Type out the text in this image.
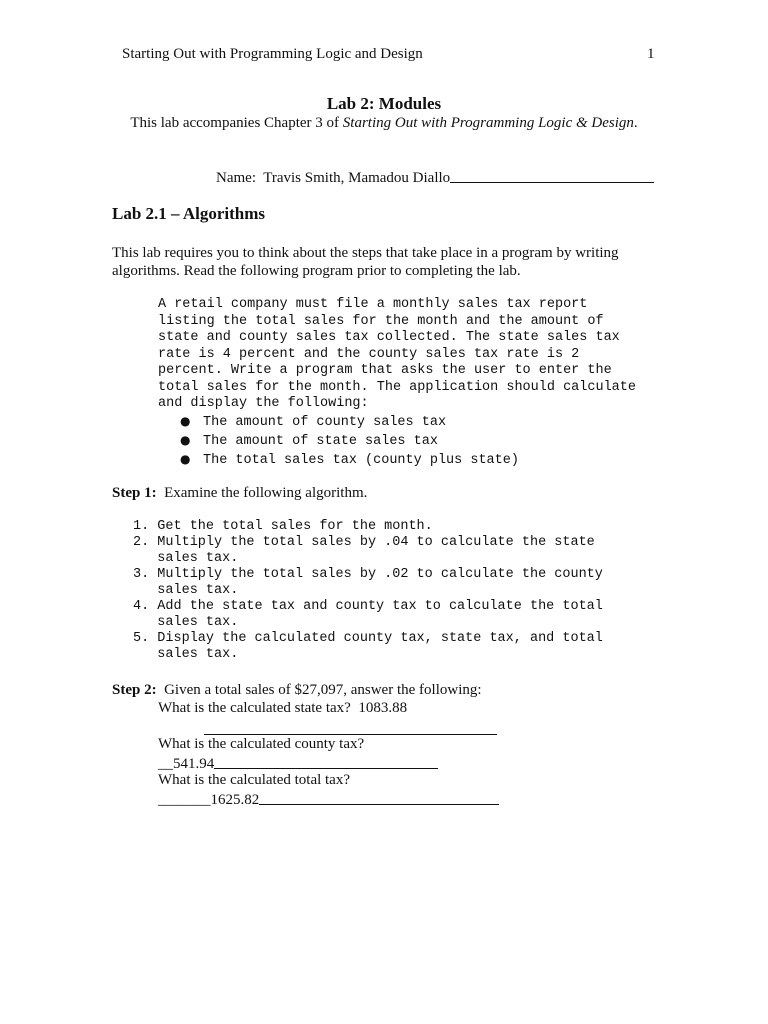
Starting Out with Programming Logic and Design	1
Lab 2: Modules
This lab accompanies Chapter 3 of Starting Out with Programming Logic & Design.
Name:  Travis Smith, Mamadou Diallo
Lab 2.1 – Algorithms
This lab requires you to think about the steps that take place in a program by writing
algorithms. Read the following program prior to completing the lab.
A retail company must file a monthly sales tax report
listing the total sales for the month and the amount of
state and county sales tax collected. The state sales tax
rate is 4 percent and the county sales tax rate is 2
percent. Write a program that asks the user to enter the
total sales for the month. The application should calculate
and display the following:
● The amount of county sales tax
● The amount of state sales tax
● The total sales tax (county plus state)
Step 1:  Examine the following algorithm.
1. Get the total sales for the month.
2. Multiply the total sales by .04 to calculate the state
sales tax.
3. Multiply the total sales by .02 to calculate the county
sales tax.
4. Add the state tax and county tax to calculate the total
sales tax.
5. Display the calculated county tax, state tax, and total
sales tax.
Step 2:  Given a total sales of $27,097, answer the following:
What is the calculated state tax?  1083.88
What is the calculated county tax?
__541.94
What is the calculated total tax?
_______1625.82
